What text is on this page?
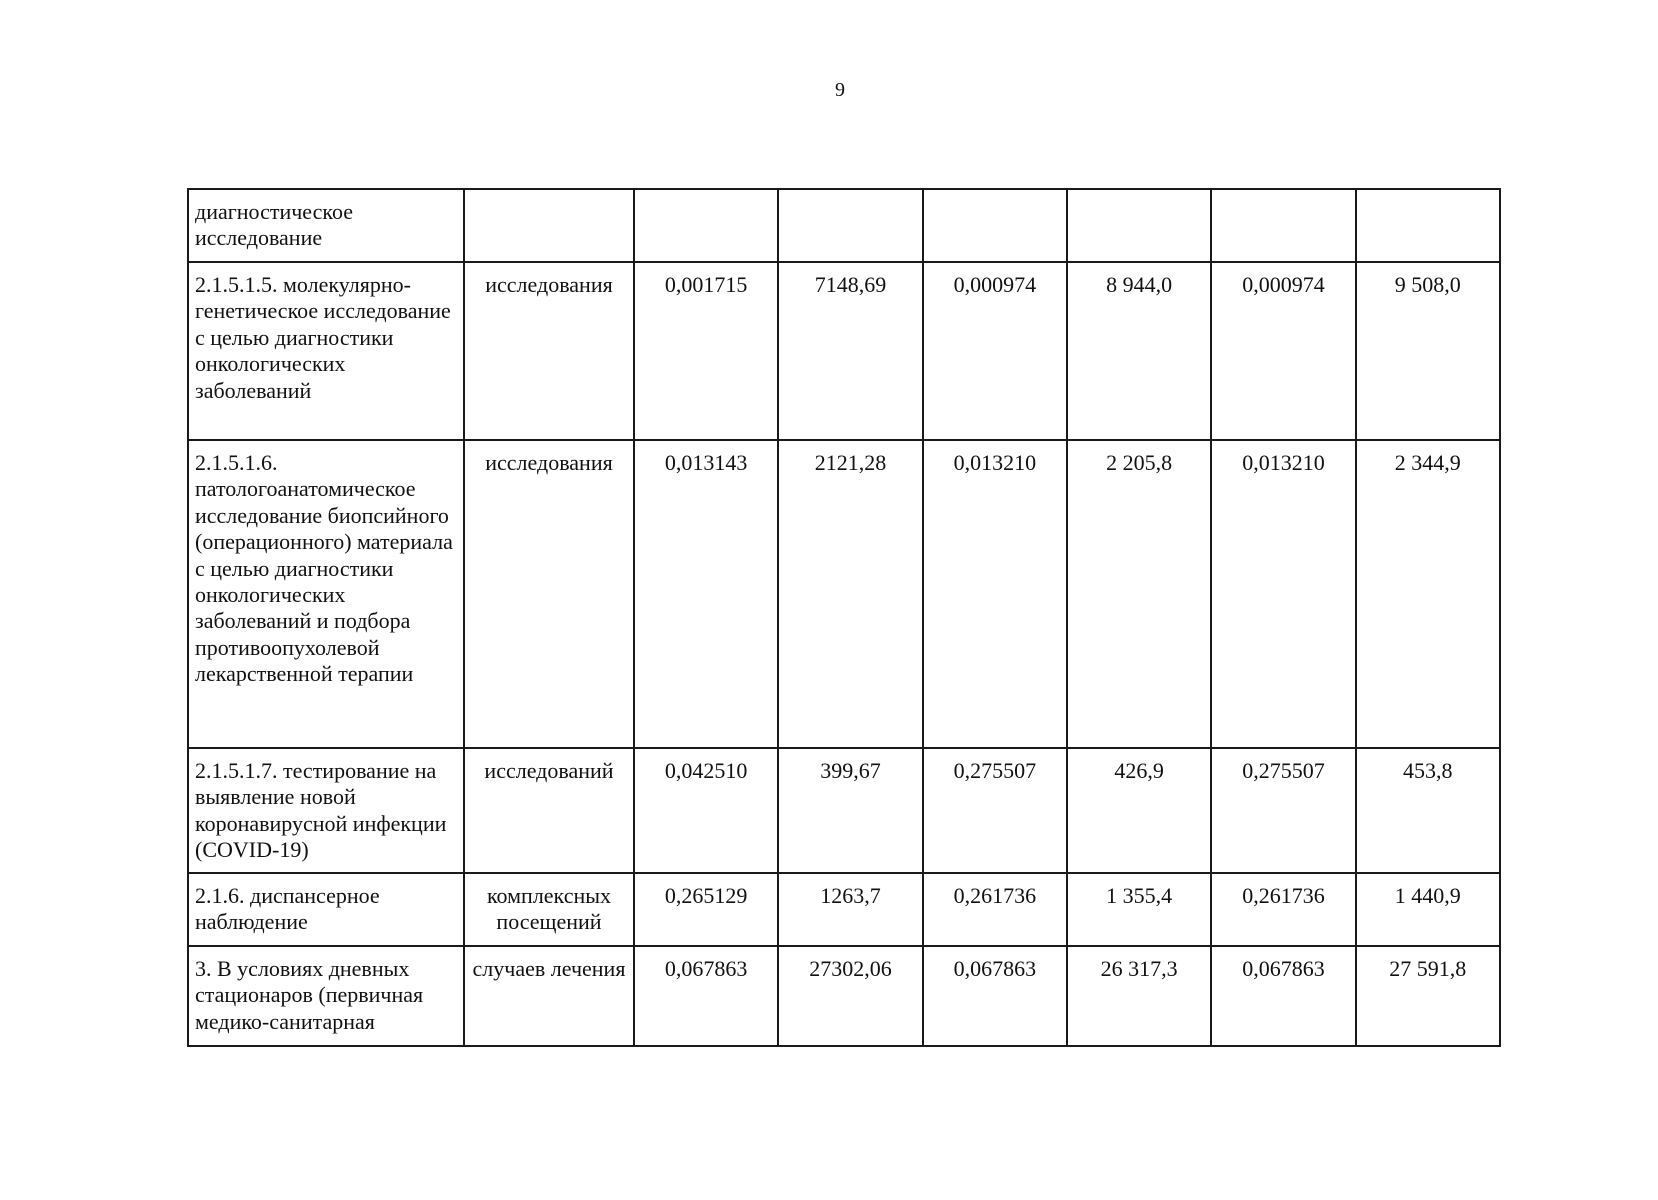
9
диагностическое исследование							
2.1.5.1.5. молекулярно-генетическое исследование с целью диагностики онкологических заболеваний	исследования	0,001715	7148,69	0,000974	8 944,0	0,000974	9 508,0
2.1.5.1.6. патологоанатомическое исследование биопсийного (операционного) материала с целью диагностики онкологических заболеваний и подбора противоопухолевой лекарственной терапии	исследования	0,013143	2121,28	0,013210	2 205,8	0,013210	2 344,9
2.1.5.1.7. тестирование на выявление новой коронавирусной инфекции (COVID-19)	исследований	0,042510	399,67	0,275507	426,9	0,275507	453,8
2.1.6. диспансерное наблюдение	комплексных посещений	0,265129	1263,7	0,261736	1 355,4	0,261736	1 440,9
3. В условиях дневных стационаров (первичная медико-санитарная	случаев лечения	0,067863	27302,06	0,067863	26 317,3	0,067863	27 591,8
